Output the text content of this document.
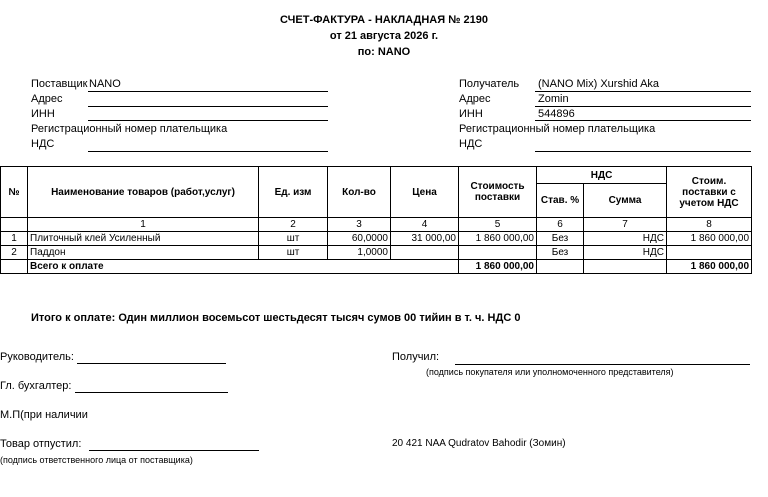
СЧЕТ-ФАКТУРА - НАКЛАДНАЯ № 2190
от 21 августа 2026 г.
по: NANO
Поставщик NANO
Адрес
ИНН
Регистрационный номер плательщика
НДС
Получатель (NANO Mix) Xurshid Aka
Адрес	Zomin
ИНН	544896
Регистрационный номер плательщика
НДС
№	Наименование товаров (работ,услуг)	Ед. изм	Кол-во	Цена	Стоимость поставки	НДС		Стоим. поставки с учетом НДС
						Став. %	Сумма	
	1	2	3	4	5	6	7	8
1	Плиточный клей Усиленный	шт	60,0000	31 000,00	1 860 000,00	Без	НДС	1 860 000,00
2	Паддон	шт	1,0000			Без	НДС	
	Всего к оплате				1 860 000,00			1 860 000,00
Итого к оплате: Один миллион восемьсот шестьдесят тысяч сумов 00 тийин в т. ч. НДС 0
Руководитель:
Гл. бухгалтер:
М.П(при наличии
Товар отпустил:
(подпись ответственного лица от поставщика)
Получил:
(подпись покупателя или уполномоченного представителя)
20 421 NAA Qudratov Bahodir (Зомин)
